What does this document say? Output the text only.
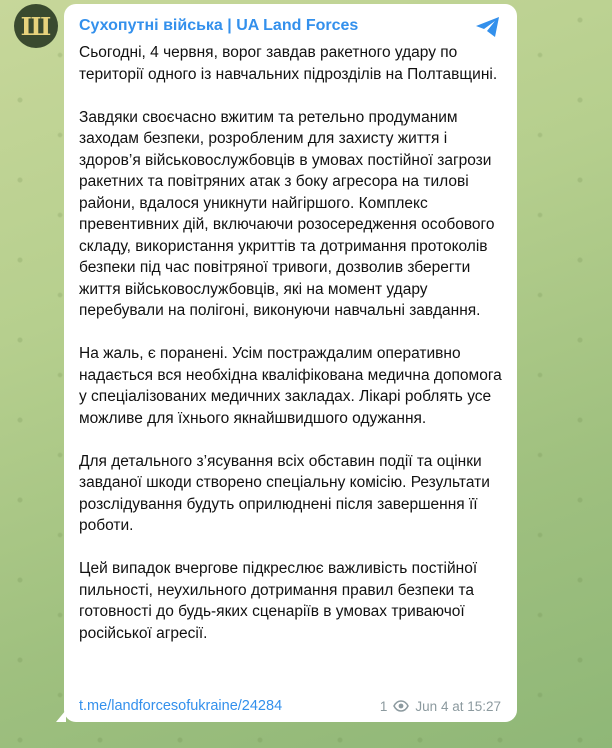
Ш Сухопутні війська | UA Land Forces

Сьогодні, 4 червня, ворог завдав ракетного удару по території одного із навчальних підрозділів на Полтавщині.

Завдяки своєчасно вжитим та ретельно продуманим заходам безпеки, розробленим для захисту життя і здоров’я військовослужбовців в умовах постійної загрози ракетних та повітряних атак з боку агресора на тилові райони, вдалося уникнути найгіршого. Комплекс превентивних дій, включаючи розосередження особового складу, використання укриттів та дотримання протоколів безпеки під час повітряної тривоги, дозволив зберегти життя військовослужбовців, які на момент удару перебували на полігоні, виконуючи навчальні завдання.

На жаль, є поранені. Усім постраждалим оперативно надається вся необхідна кваліфікована медична допомога у спеціалізованих медичних закладах. Лікарі роблять усе можливе для їхнього якнайшвидшого одужання.

Для детального з’ясування всіх обставин події та оцінки завданої шкоди створено спеціальну комісію. Результати розслідування будуть оприлюднені після завершення її роботи.

Цей випадок вчергове підкреслює важливість постійної пильності, неухильного дотримання правил безпеки та готовності до будь-яких сценаріїв в умовах триваючої російської агресії.

t.me/landforcesofukraine/24284	1 Jun 4 at 15:27
